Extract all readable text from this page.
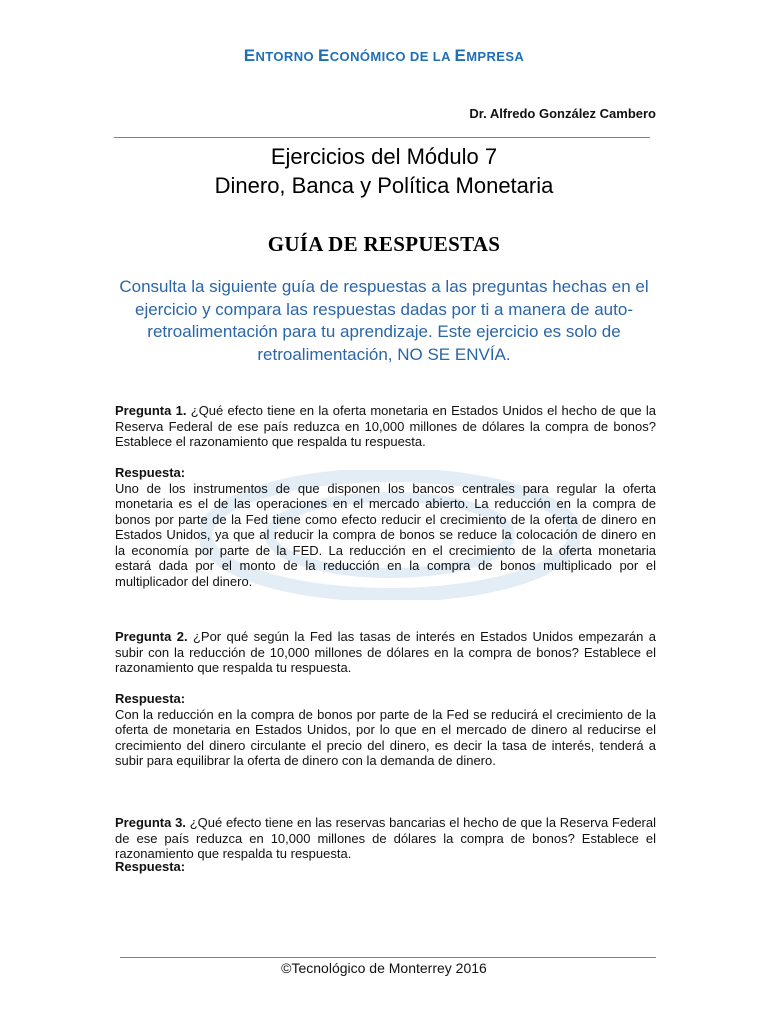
ENTORNO ECONÓMICO DE LA EMPRESA
Dr. Alfredo González Cambero
Ejercicios del Módulo 7
Dinero, Banca y Política Monetaria
GUÍA DE RESPUESTAS
Consulta la siguiente guía de respuestas a las preguntas hechas en el ejercicio y compara las respuestas dadas por ti a manera de auto-retroalimentación para tu aprendizaje. Este ejercicio es solo de retroalimentación, NO SE ENVÍA.
Pregunta 1. ¿Qué efecto tiene en la oferta monetaria en Estados Unidos el hecho de que la Reserva Federal de ese país reduzca en 10,000 millones de dólares la compra de bonos? Establece el razonamiento que respalda tu respuesta.
Respuesta:
Uno de los instrumentos de que disponen los bancos centrales para regular la oferta monetaria es el de las operaciones en el mercado abierto. La reducción en la compra de bonos por parte de la Fed tiene como efecto reducir el crecimiento de la oferta de dinero en Estados Unidos, ya que al reducir la compra de bonos se reduce la colocación de dinero en la economía por parte de la FED. La reducción en el crecimiento de la oferta monetaria estará dada por el monto de la reducción en la compra de bonos multiplicado por el multiplicador del dinero.
Pregunta 2. ¿Por qué según la Fed las tasas de interés en Estados Unidos empezarán a subir con la reducción de 10,000 millones de dólares en la compra de bonos? Establece el razonamiento que respalda tu respuesta.
Respuesta:
Con la reducción en la compra de bonos por parte de la Fed se reducirá el crecimiento de la oferta de monetaria en Estados Unidos, por lo que en el mercado de dinero al reducirse el crecimiento del dinero circulante el precio del dinero, es decir la tasa de interés, tenderá a subir para equilibrar la oferta de dinero con la demanda de dinero.
Pregunta 3. ¿Qué efecto tiene en las reservas bancarias el hecho de que la Reserva Federal de ese país reduzca en 10,000 millones de dólares la compra de bonos? Establece el razonamiento que respalda tu respuesta.
Respuesta:
©Tecnológico de Monterrey 2016
